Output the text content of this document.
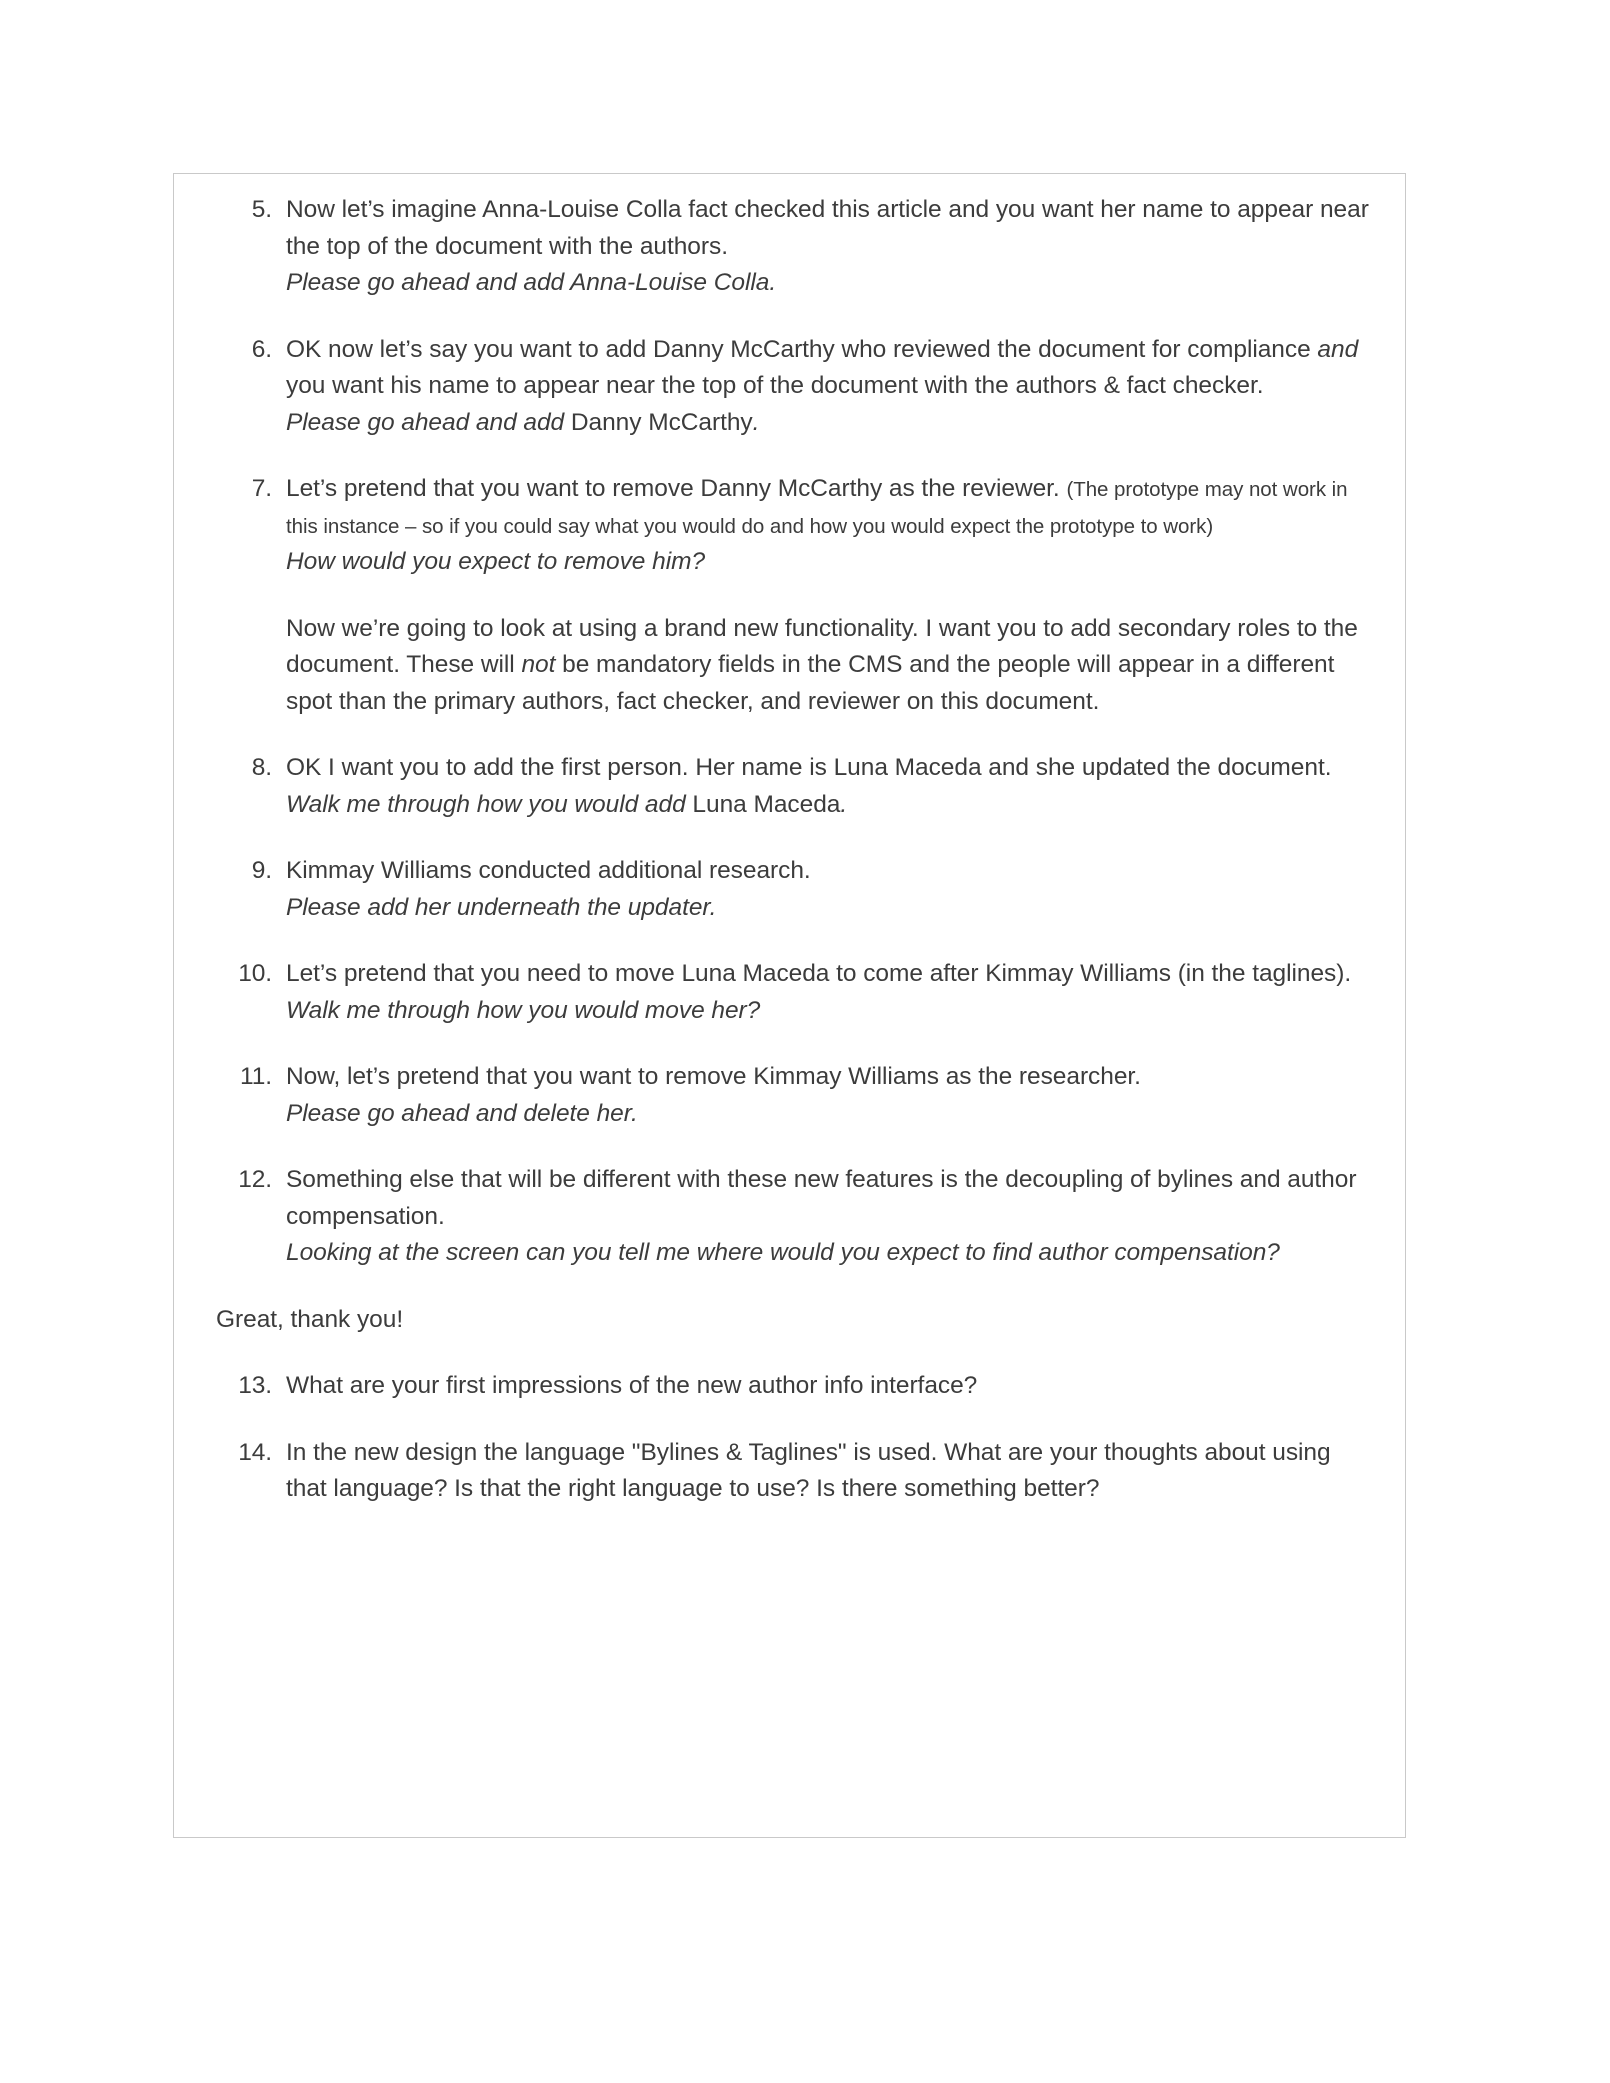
5. Now let’s imagine Anna-Louise Colla fact checked this article and you want her name to appear near the top of the document with the authors.
Please go ahead and add Anna-Louise Colla.
6. OK now let’s say you want to add Danny McCarthy who reviewed the document for compliance and you want his name to appear near the top of the document with the authors & fact checker.
Please go ahead and add Danny McCarthy.
7. Let’s pretend that you want to remove Danny McCarthy as the reviewer. (The prototype may not work in this instance – so if you could say what you would do and how you would expect the prototype to work)
How would you expect to remove him?
Now we’re going to look at using a brand new functionality. I want you to add secondary roles to the document. These will not be mandatory fields in the CMS and the people will appear in a different spot than the primary authors, fact checker, and reviewer on this document.
8. OK I want you to add the first person. Her name is Luna Maceda and she updated the document.
Walk me through how you would add Luna Maceda.
9. Kimmay Williams conducted additional research.
Please add her underneath the updater.
10. Let’s pretend that you need to move Luna Maceda to come after Kimmay Williams (in the taglines).
Walk me through how you would move her?
11. Now, let’s pretend that you want to remove Kimmay Williams as the researcher.
Please go ahead and delete her.
12. Something else that will be different with these new features is the decoupling of bylines and author compensation.
Looking at the screen can you tell me where would you expect to find author compensation?
Great, thank you!
13. What are your first impressions of the new author info interface?
14. In the new design the language "Bylines & Taglines" is used. What are your thoughts about using that language? Is that the right language to use? Is there something better?
